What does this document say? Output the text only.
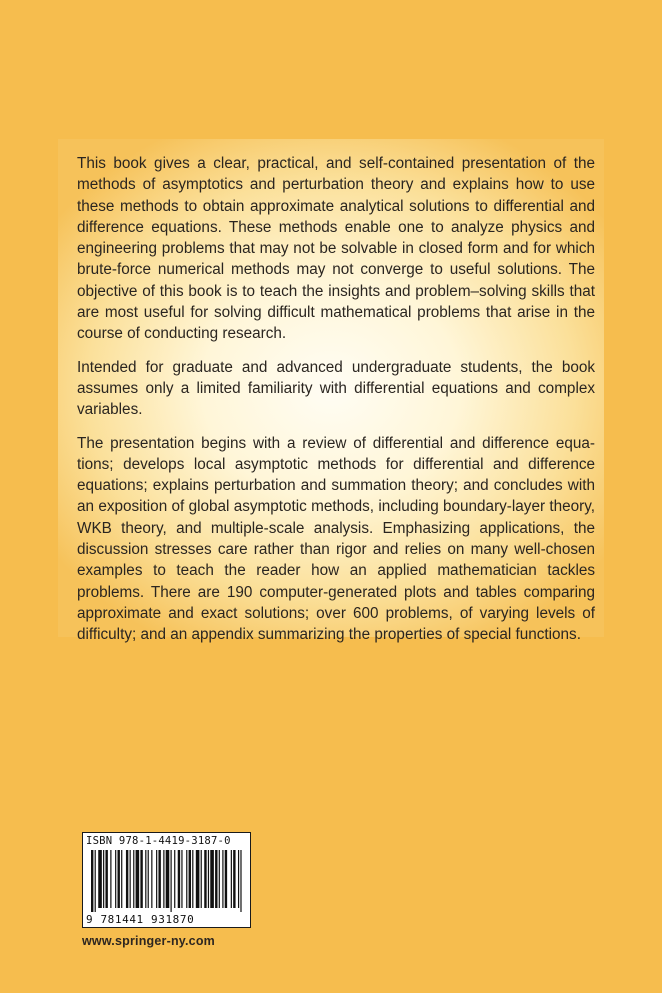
This book gives a clear, practical, and self-contained presentation of the methods of asymptotics and perturbation theory and explains how to use these methods to obtain approximate analytical solutions to differential and difference equations. These methods enable one to analyze physics and engineering problems that may not be solvable in closed form and for which brute-force numerical methods may not converge to useful solutions. The objective of this book is to teach the insights and problem–solving skills that are most useful for solving difficult mathematical problems that arise in the course of conducting research.

Intended for graduate and advanced undergraduate students, the book assumes only a limited familiarity with differential equations and complex variables.

The presentation begins with a review of differential and difference equations; develops local asymptotic methods for differential and difference equations; explains perturbation and summation theory; and concludes with an exposition of global asymptotic methods, including boundary-layer theory, WKB theory, and multiple-scale analysis. Emphasizing applications, the discussion stresses care rather than rigor and relies on many well-chosen examples to teach the reader how an applied mathematician tackles problems. There are 190 computer-generated plots and tables comparing approximate and exact solutions; over 600 problems, of varying levels of difficulty; and an appendix summarizing the properties of special functions.

ISBN 978-1-4419-3187-0
9 781441 931870
www.springer-ny.com
